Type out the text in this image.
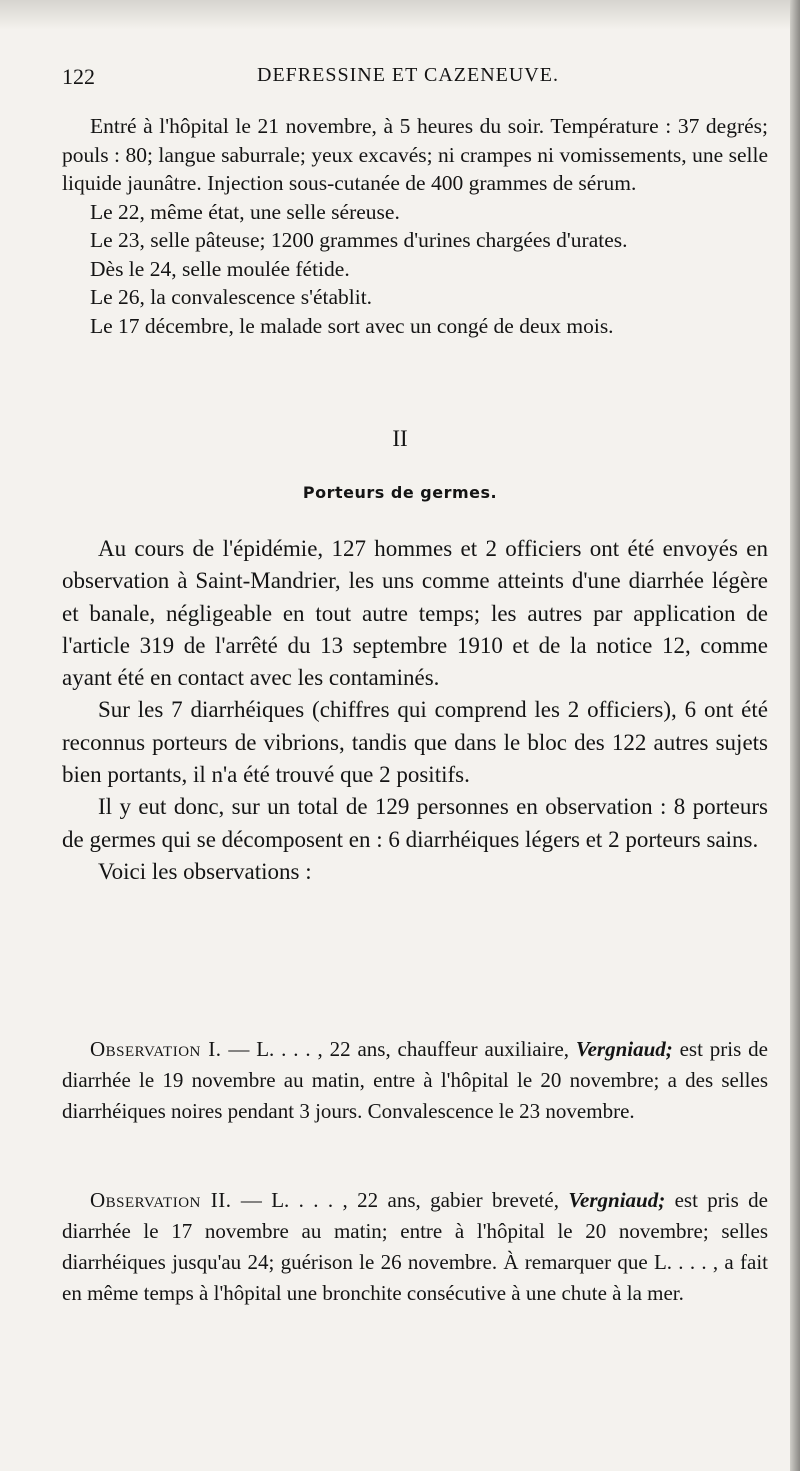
122	DEFRESSINE ET CAZENEUVE.

Entré à l'hôpital le 21 novembre, à 5 heures du soir. Température : 37 degrés; pouls : 80; langue saburrale; yeux excavés; ni crampes ni vomissements, une selle liquide jaunâtre. Injection sous-cutanée de 400 grammes de sérum.

Le 22, même état, une selle séreuse.

Le 23, selle pâteuse; 1200 grammes d'urines chargées d'urates.

Dès le 24, selle moulée fétide.

Le 26, la convalescence s'établit.

Le 17 décembre, le malade sort avec un congé de deux mois.

II
Porteurs de germes.

Au cours de l'épidémie, 127 hommes et 2 officiers ont été envoyés en observation à Saint-Mandrier, les uns comme atteints d'une diarrhée légère et banale, négligeable en tout autre temps; les autres par application de l'article 319 de l'arrêté du 13 septembre 1910 et de la notice 12, comme ayant été en contact avec les contaminés.

Sur les 7 diarrhéiques (chiffres qui comprend les 2 officiers), 6 ont été reconnus porteurs de vibrions, tandis que dans le bloc des 122 autres sujets bien portants, il n'a été trouvé que 2 positifs.

Il y eut donc, sur un total de 129 personnes en observation : 8 porteurs de germes qui se décomposent en : 6 diarrhéiques légers et 2 porteurs sains.

Voici les observations :

Observation I. — L. . . . , 22 ans, chauffeur auxiliaire, Vergniaud; est pris de diarrhée le 19 novembre au matin, entre à l'hôpital le 20 novembre; a des selles diarrhéiques noires pendant 3 jours. Convalescence le 23 novembre.

Observation II. — L. . . . , 22 ans, gabier breveté, Vergniaud; est pris de diarrhée le 17 novembre au matin; entre à l'hôpital le 20 novembre; selles diarrhéiques jusqu'au 24; guérison le 26 novembre. À remarquer que L. . . . , a fait en même temps à l'hôpital une bronchite consécutive à une chute à la mer.
